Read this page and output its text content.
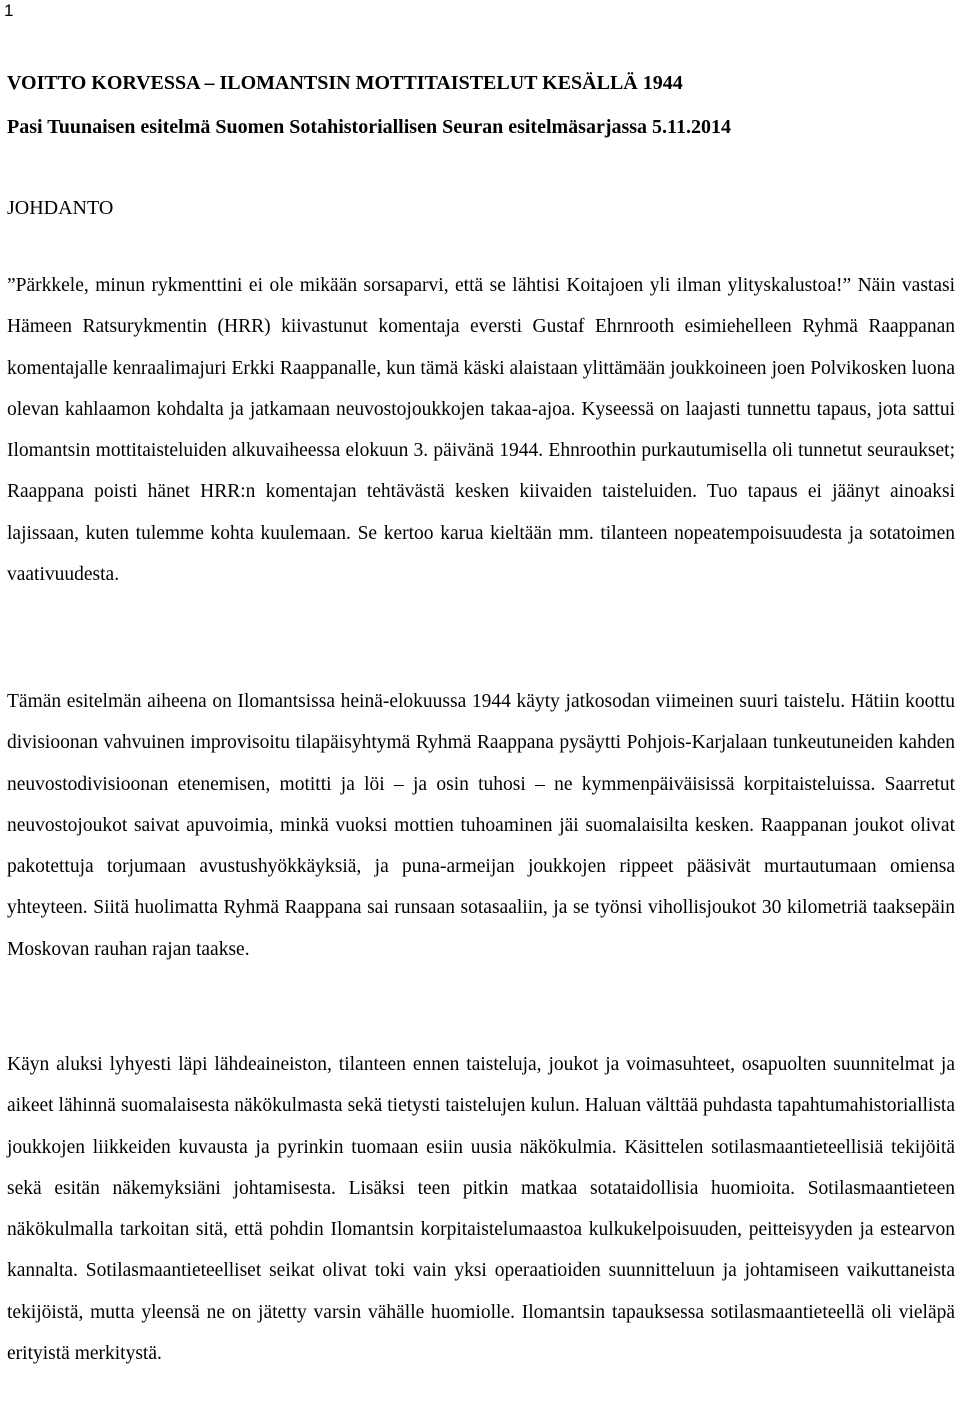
1
VOITTO KORVESSA – ILOMANTSIN MOTTITAISTELUT KESÄLLÄ 1944
Pasi Tuunaisen esitelmä Suomen Sotahistoriallisen Seuran esitelmäsarjassa 5.11.2014
JOHDANTO

”Pärkkele, minun rykmenttini ei ole mikään sorsaparvi, että se lähtisi Koitajoen yli ilman ylityskalustoa!” Näin vastasi Hämeen Ratsurykmentin (HRR) kiivastunut komentaja eversti Gustaf Ehrnrooth esimiehelleen Ryhmä Raappanan komentajalle kenraalimajuri Erkki Raappanalle, kun tämä käski alaistaan ylittämään joukkoineen joen Polvikosken luona olevan kahlaamon kohdalta ja jatkamaan neuvostojoukkojen takaa-ajoa. Kyseessä on laajasti tunnettu tapaus, jota sattui Ilomantsin mottitaisteluiden alkuvaiheessa elokuun 3. päivänä 1944. Ehnroothin purkautumisella oli tunnetut seuraukset; Raappana poisti hänet HRR:n komentajan tehtävästä kesken kiivaiden taisteluiden. Tuo tapaus ei jäänyt ainoaksi lajissaan, kuten tulemme kohta kuulemaan. Se kertoo karua kieltään mm. tilanteen nopeatempoisuudesta ja sotatoimen vaativuudesta.

Tämän esitelmän aiheena on Ilomantsissa heinä-elokuussa 1944 käyty jatkosodan viimeinen suuri taistelu. Hätiin koottu divisioonan vahvuinen improvisoitu tilapäisyhtymä Ryhmä Raappana pysäytti Pohjois-Karjalaan tunkeutuneiden kahden neuvostodivisioonan etenemisen, motitti ja löi – ja osin tuhosi – ne kymmenpäiväisissä korpitaisteluissa. Saarretut neuvostojoukot saivat apuvoimia, minkä vuoksi mottien tuhoaminen jäi suomalaisilta kesken. Raappanan joukot olivat pakotettuja torjumaan avustushyökkäyksiä, ja puna-armeijan joukkojen rippeet pääsivät murtautumaan omiensa yhteyteen. Siitä huolimatta Ryhmä Raappana sai runsaan sotasaaliin, ja se työnsi vihollisjoukot 30 kilometriä taaksepäin Moskovan rauhan rajan taakse.

Käyn aluksi lyhyesti läpi lähdeaineiston, tilanteen ennen taisteluja, joukot ja voimasuhteet, osapuolten suunnitelmat ja aikeet lähinnä suomalaisesta näkökulmasta sekä tietysti taistelujen kulun. Haluan välttää puhdasta tapahtumahistoriallista joukkojen liikkeiden kuvausta ja pyrinkin tuomaan esiin uusia näkökulmia. Käsittelen sotilasmaantieteellisiä tekijöitä sekä esitän näkemyksiäni johtamisesta. Lisäksi teen pitkin matkaa sotataidollisia huomioita. Sotilasmaantieteen näkökulmalla tarkoitan sitä, että pohdin Ilomantsin korpitaistelumaastoa kulkukelpoisuuden, peitteisyyden ja estearvon kannalta. Sotilasmaantieteelliset seikat olivat toki vain yksi operaatioiden suunnitteluun ja johtamiseen vaikuttaneista tekijöistä, mutta yleensä ne on jätetty varsin vähälle huomiolle. Ilomantsin tapauksessa sotilasmaantieteellä oli vieläpä erityistä merkitystä.
